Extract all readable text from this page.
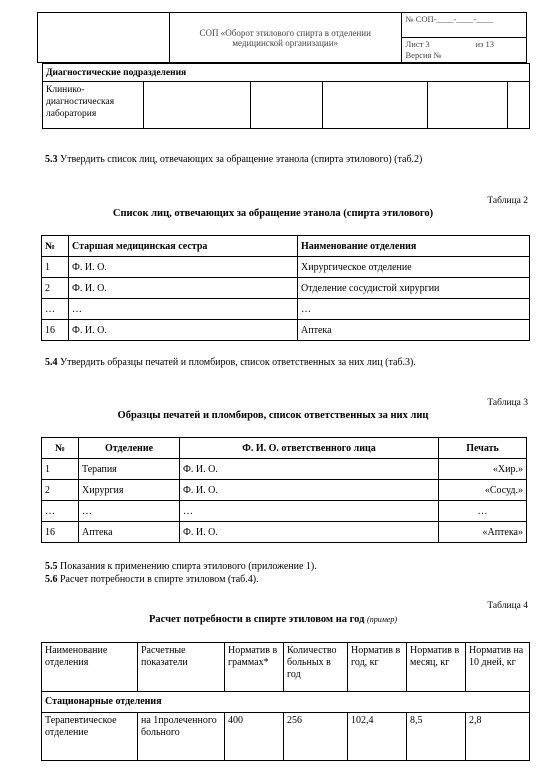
	СОП «Оборот этилового спирта в отделении медицинской организации»	№ СОП-____-____-____

Лист 3	из 13
Версия №
Диагностические подразделения
Клинико-диагностическая лаборатория					
5.3 Утвердить список лиц, отвечающих за обращение этанола (спирта этилового) (таб.2)
Таблица 2
Список лиц, отвечающих за обращение этанола (спирта этилового)
№	Старшая медицинская сестра	Наименование отделения
1	Ф. И. О.	Хирургическое отделение
2	Ф. И. О.	Отделение сосудистой хирургии
…	…	…
16	Ф. И. О.	Аптека
5.4 Утвердить образцы печатей и пломбиров, список ответственных за них лиц (таб.3).
Таблица 3
Образцы печатей и пломбиров, список ответственных за них лиц
№	Отделение	Ф. И. О. ответственного лица	Печать
1	Терапия	Ф. И. О.	«Хир.»
2	Хирургия	Ф. И. О.	«Сосуд.»
…	…	…	…
16	Аптека	Ф. И. О.	«Аптека»
5.5 Показания к применению спирта этилового (приложение 1).
5.6 Расчет потребности в спирте этиловом (таб.4).
Таблица 4
Расчет потребности в спирте этиловом на год (пример)
Наименование отделения	Расчетные показатели	Норматив в граммах*	Количество больных в год	Норматив в год, кг	Норматив в месяц, кг	Норматив на 10 дней, кг
Стационарные отделения						
Терапевтическое отделение	на 1пролеченного больного	400	256	102,4	8,5	2,8
